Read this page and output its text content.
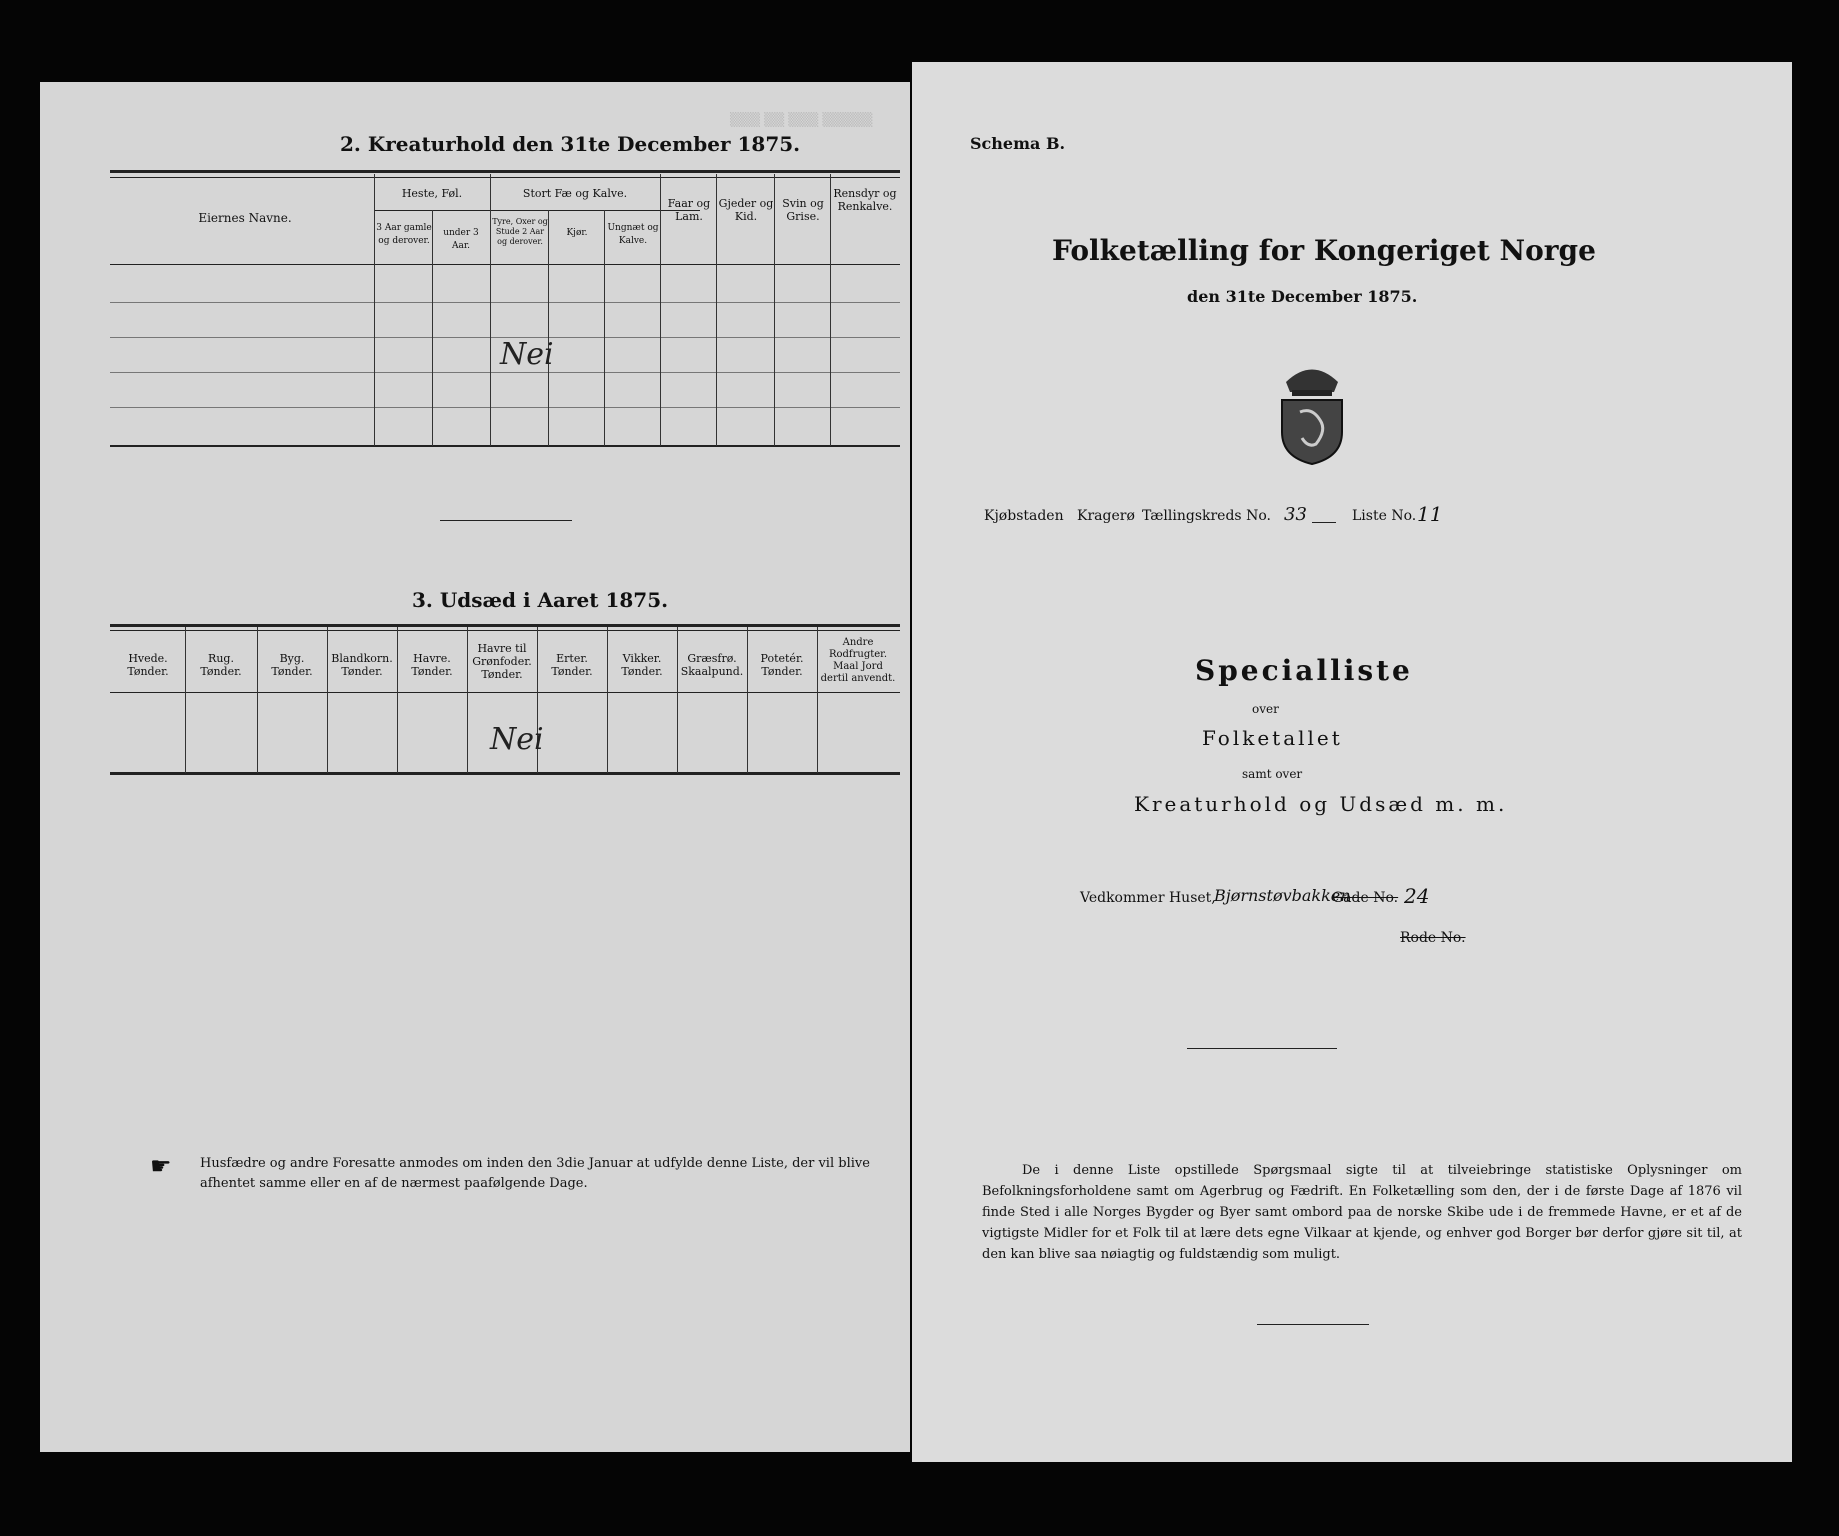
▒▒▒ ▒▒ ▒▒▒ ▒▒▒▒▒
2. Kreaturhold den 31te December 1875.
Eiernes Navne.
Heste, Føl.
3 Aar gamle og derover.
under 3 Aar.
Stort Fæ og Kalve.
Tyre, Oxer og Stude 2 Aar og derover.
Kjør.	Ungnæt og Kalve.
Faar og Lam.
Gjeder og Kid.
Svin og Grise.
Rensdyr og Renkalve.
Nei
3. Udsæd i Aaret 1875.
Hvede.
Tønder.
Rug.
Tønder.
Byg.
Tønder.
Blandkorn.
Tønder.
Havre.
Tønder.
Havre til Grønfoder.
Tønder.
Erter.
Tønder.
Vikker.
Tønder.
Græsfrø.
Skaalpund.
Potetér.
Tønder.
Andre Rodfrugter.
Maal Jord dertil anvendt.
Nei
☛ Husfædre og andre Foresatte anmodes om inden den 3die Januar at udfylde denne Liste, der vil blive afhentet samme eller en af de nærmest paafølgende Dage.
Schema B.
Folketælling for Kongeriget Norge
den 31te December 1875.
Kjøbstaden Kragerø Tællingskreds No. 33	Liste No. 11
Specialliste
over
Folketallet
samt over
Kreaturhold og Udsæd m. m.
Vedkommer Huset,
Bjørnstøvbakken
Gade No. 24
Rode No.
De i denne Liste opstillede Spørgsmaal sigte til at tilveiebringe statistiske Oplysninger om Befolkningsforholdene samt om Agerbrug og Fædrift. En Folketælling som den, der i de første Dage af 1876 vil finde Sted i alle Norges Bygder og Byer samt ombord paa de norske Skibe ude i de fremmede Havne, er et af de vigtigste Midler for et Folk til at lære dets egne Vilkaar at kjende, og enhver god Borger bør derfor gjøre sit til, at den kan blive saa nøiagtig og fuldstændig som muligt.
